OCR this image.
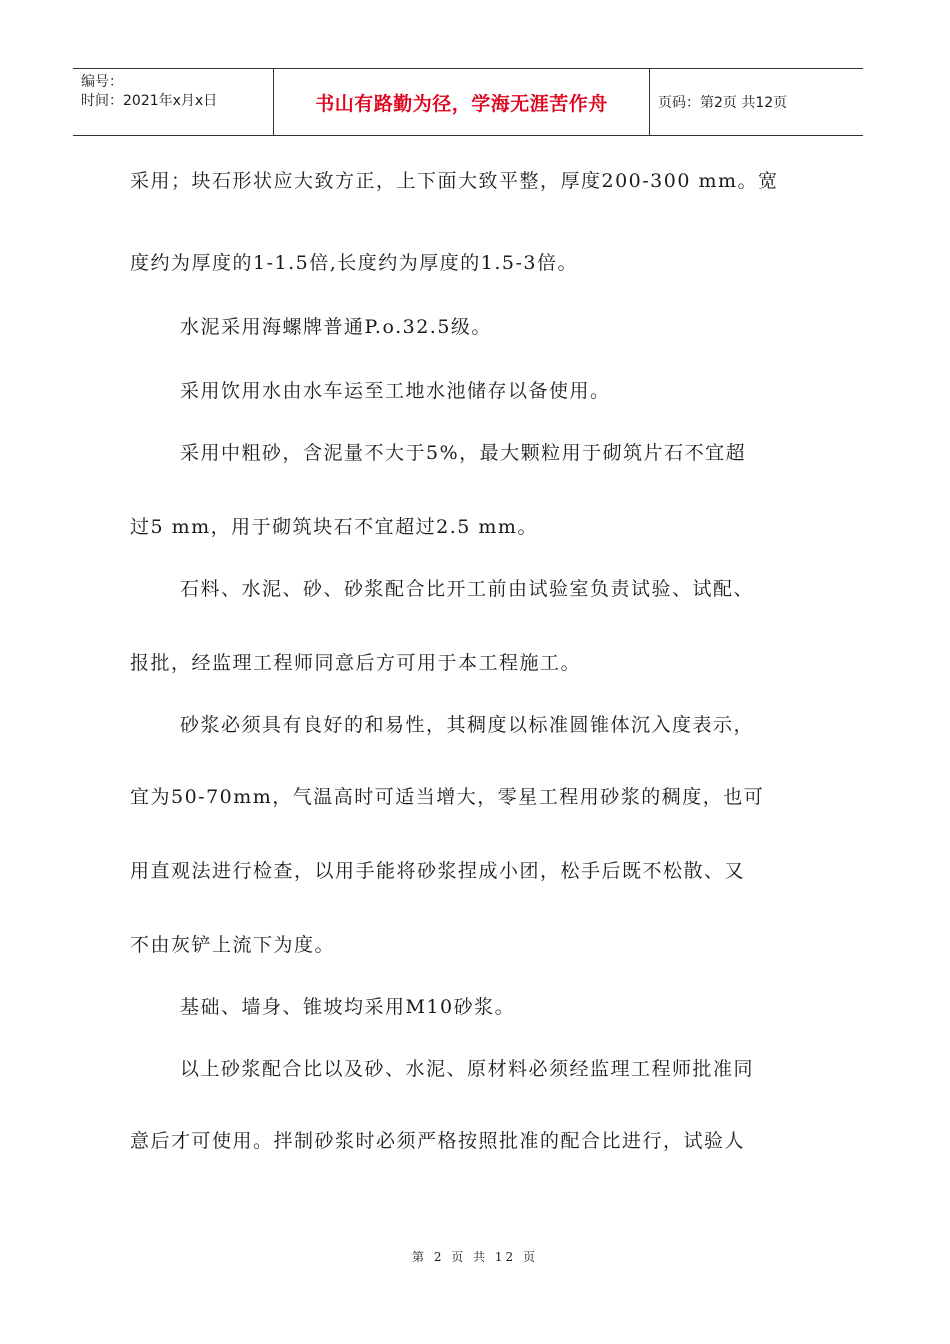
编号：
时间：2021年x月x日	书山有路勤为径，学海无涯苦作舟	页码：第2页 共12页
采用；块石形状应大致方正，上下面大致平整，厚度200-300 mm。宽
度约为厚度的1-1.5倍,长度约为厚度的1.5-3倍。
水泥采用海螺牌普通P.o.32.5级。
采用饮用水由水车运至工地水池储存以备使用。
采用中粗砂，含泥量不大于5%，最大颗粒用于砌筑片石不宜超
过5 mm，用于砌筑块石不宜超过2.5 mm。
石料、水泥、砂、砂浆配合比开工前由试验室负责试验、试配、
报批，经监理工程师同意后方可用于本工程施工。
砂浆必须具有良好的和易性，其稠度以标准圆锥体沉入度表示，
宜为50-70mm，气温高时可适当增大，零星工程用砂浆的稠度，也可
用直观法进行检查，以用手能将砂浆捏成小团，松手后既不松散、又
不由灰铲上流下为度。
基础、墙身、锥坡均采用M10砂浆。
以上砂浆配合比以及砂、水泥、原材料必须经监理工程师批准同
意后才可使用。拌制砂浆时必须严格按照批准的配合比进行，试验人
第 2 页 共 12 页
